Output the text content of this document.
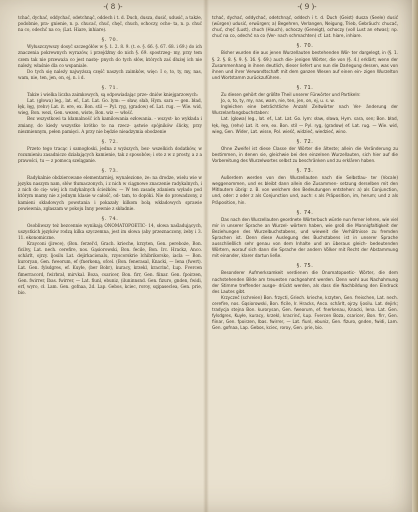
-( 8 )-	-( 9 )-

tchać, dychać, oddychać, odetchnąć, oddech i t. d. Duch, dusza, dusić, udusić, a także, podobnie, pra- gnienie, n. p. chucać, chuć, chęć, chuch, ochoczy, ocho- ta, n. p. chuć na co, odechć na co; (Lat. Hiare, inhiare).

§. 70.

Wyłuszczywszy dosyć szczegółów w §. 1. 2. 8. 9. (t. e. §. 66. §. 67. 68. i 69.) do ich znaczenia pokrewnych wyrazów, i przejdźmy do nich §. 69. spostrzeg- my, przy tem czem tak nie przeważa co jest nastę- pnych do tych słów, których zaś dłużej ich nie należy, właśnie dla co wspaniale.

Do tych się należy najwyższą część naszych zaimków, więc: I o, to, ty, my, nas, wam, nie, ten, jen, on, ej, n. i d.

§. 71.

Także i wielka liczba zaimkowych, są odpowiadając prze- dniów kniejgarzowych:

Lat. (głowa) leg., lat. ef., Lat. Lat. Go. lym: — sław, słab, Hym. sara — gen. bład, łęk, łęg, (rehv) Lat. it. ere, ex. Bon. stil — Pyl. ryg, (gradow) ef. Lat. rug. — Wie. wid, wieg, Bon. wezi, Gen. wezen, wiste, Bon. wiz — włość.

Bez wszystkowi ta kłamalność ich kamilowania ezłowania. - wszyst- ko wykłada i zmiany, do kiedy wszystko krótko to na rzecz- ąstwie spójników ślicky, przy niezmiennym, pełen pamięci. A przy nie będzie nieadzymia obodzenie

§. 72.

Przeto tego tracąc i samogłoski, jedna z wyższych, bez- wszelkich dodatków, w rozumieniu zasadniczo działających kamienie, tak z sposobów; i oto z w z prosty, a z a prawości, tu — z pomocą szeląganie.

§. 73.

Radykalnie obdzierowane elementarniej, wynalezione, że: na drodze, wielu wie w języku naszym nam, słów tłumaczonych, i z nich w ciągnowe znaczenie radykalnych, i z nich do cię- wiej ich radykalnych ścieżków. — W ten zasadę zdaniem wyłado pod którym mamy nie z jednym klasie w całość, od- tam, to dopóki. Nie do prowadzony, z kamieni składowych powstania i pokazały kilkom bolą wkładowych sprawie powiewnia, zgłaszam w pokoju Inny pewnie z składnie.

§. 74.

Osobliwszy też bezcennie wynikają ONOMATOPOETIC- 14, słowa naśladujących, uszystkich języków rodzą kilka szyczemna, jest im słowa (aby przeznaczony, żeby i 3. 11. ekonomiczne.

Krayconi (jirece), (Bon. ferzel'd, Grach. krieche, krzyten, Gen. pereboże, Bon. ficilvy, Lat. nech. cerefire, nos. Gąsiorowski, Bon. fecile, Bon. Irc. Hrackz, Anco. schärlt, ojrzy. ljosilu Lat. dejirkacionalu, rzyscorskrie lchibrikorsko, iacla — Bon. kuroryan, Gen. fweorum, ef (fnerkeną, ofcel. (Bon. fenerasal, Knacki, — Iena (fwert). Lat. Gen. fylsdgres, ef. Kuyłe, (ber Bobr), kuracy, krzekl, kracrinć, Łup. Fvercen fimerracord, fwirbrał, mirvkal. Boza, csaricer, Bon. firr, Gen. fiinar. Gen. fpoirzen, Gen. fwirrer, Ibas. fwirrer, — Lat. fiunl, ebuniz, (iluninnsnd. Gen. fizuro, gnden, fwidi, erf, wyro, cł. Lam. Gen. gofnaa, 2d. Lap. Gebos, kciec, roroy, sqipaseclea, Gen. prie, bio.

tchać, dychać, oddychać, odetchnąć, oddech i t. d. Duch (Geist) dusza (Seele) dusić (würgen) udusić, erwürgen; a) Begehren, Verlangen, Neigung, Trieb, Gebräuch: chucać, chuć, chęć (Lust), chuch (Hauch), ochoczy (Geneigt), ochoczy (voll Lust an etwas); np. chuć na co, odechć na co (Ver- nach schmachten) cf. Lat. hiare, inhiare.

§. 70.

Bisher wurden die aus jenen Wurzellauten bestehenden Wör- ter dargelegt, in (§. 1. §. 2. §. 8. §. 9. §. 16. §. 69.) auch die- jenigen Wörter, die von (§. 4.) erklärt; wenn der Zusammenhang in ihnen deutlich, dieser liefert uns nun die Darlegung dessen, was von ihnen und ihrer Verwandtschaft mit dem ganzen Wesen auf einen ein- zigen Wurzelton und Wortstamm zurückzuführen.

§. 71.

Zu diesen gehört der größte Theil unserer Fürwörter und Partikeln:

Jo, o, to, ty, my, nas, wam, nie, ten, jen, on, ej, u. s. w.

Ingleichen eine beträchtliche Anzahl Zeitwörter nach Ver- änderung der Wurzelanfangsbuchstaben:

Lat. (glowa) leg., lat. ef., Lat. Lat. Go. lym: sław, sława, Hym. sara, sen; Bon. bład, łęk, łęg, (rehv) Lat. it. ere, ex. Bon. stil — Pyl. ryg, (gradow) ef. Lat. rug. — Wie. wid, wieg, Gen. Wider, Lat. wisse, Pol. wieść, widzieć, wiedzieć, wino.

§. 72.

Ohne Zweifel ist diese Classe der Wörter die älteste; allein die Veränderung zu bestimmen, in denen sie, gleichwie bei den einzelnen Wurzellauten, sich hier auf die Vorbereitung des Wurzelwortes selbst zu beschränken und zu erklären haben.

§. 73.

Außerdem werden von den Wurzellauten nach die Selbstlau- ter (Vocale) weggenommen, und es bleibt dann allein die Zusammen- setzung derselben mit den Mitlautern übrig: z. B. von welchem den Bedeutungen entstehen: a) als Conjunction, und, oder: z oder z als Conjunction und, auch: s als Präposition, im, herum; und z als Präposition, hin.

§. 74.

Das nach den Wurzellauten geordnete Wörterbuch würde nun ferner lehren, wie viel mir in unserer Sprache an Wurzel- wörtern haben, wie groß die Mannigfaltigkeit der Beziehungen des Wurzelbuchstabens, und wieweit die Verhältnisse zu fremden Sprachen ist. Denn diese Auslegung des Buchstabens ist in unserer Sprache ausschließlich sehr genau von dem Inhalte und an überaus gleich- bedeutenden Wörtern, worauf sich dann die Sprache der andern Völker mit Recht der Abstammung mit einander, klarer dartun ließe.

§. 75.

Besonderer Aufmerksamkeit verdienen die Onomatopoetic- Wörter, die dem nachstehenden Bilde am treuesten nachgeahmt werden. Denn wohl aus Nachahmung der Stimme treffender ausge- drückt werden, als dass die Nachbildung den Eindruck des Lautes gibt.

Krzyczeć (schreien) Bon. frzycti, Griech. krieche, krzyten, Gen. freischen, Lat. nech. cerefire, nos. Gąsiorowski, Bon. ficile, Ir. Hracks, Anco. schärlt, ojrzy. ljosilu. Lat. dejirk; tradycja stejna Bon. kurorysan, Gen. fweorum, ef. fnerkenau, Knacki, Iena. Lat. Gen. fylsdgres, Kuyłe, kuracy, krzekl, kracrinć, Łup. Fvercen Boza, csaricer, Bon. firr, Gen. fiinar, Gen. fpoirzen, Ibas. fwirrer, — Lat. fiunl, ebuniz, Gen. fizuro, gnden, fwidi, Lam. Gen. gofnaa, Lap. Gebos, kciec, roroy, Gen. prie, bio.
